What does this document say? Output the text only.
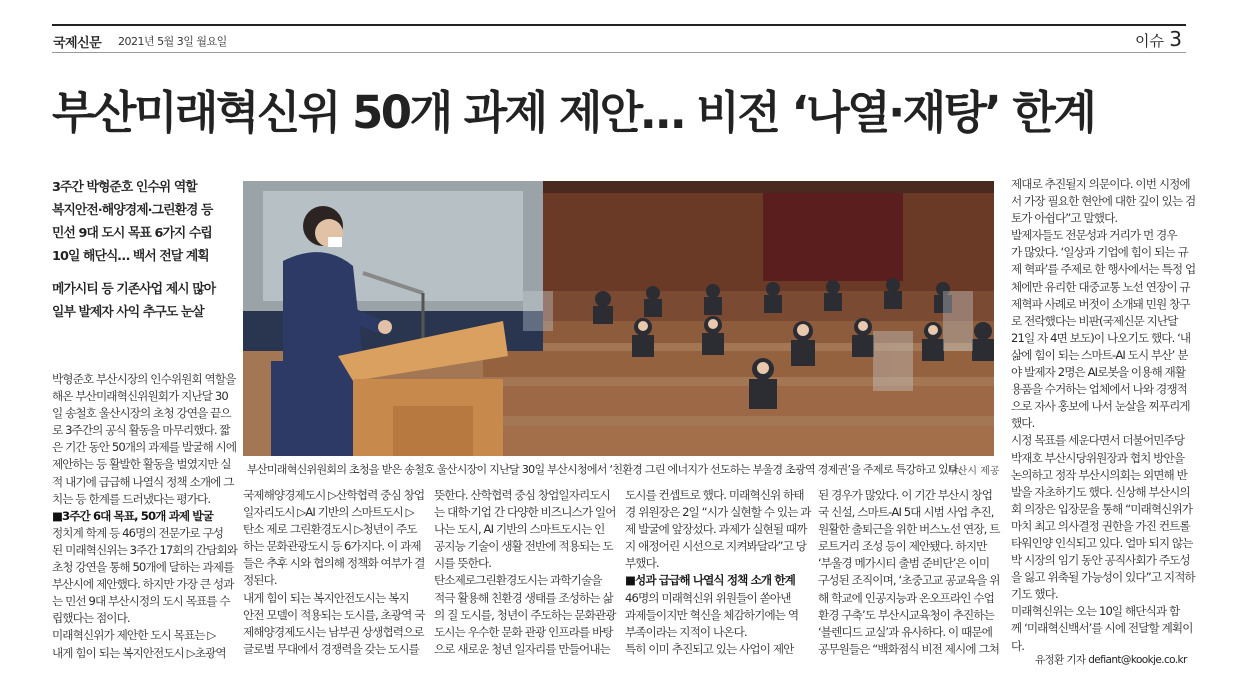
국제신문 2021년 5월 3일 월요일	이슈 3
부산미래혁신위 50개 과제 제안… 비전 ‘나열·재탕’ 한계
3주간 박형준호 인수위 역할
복지안전·해양경제·그린환경 등
민선 9대 도시 목표 6가지 수립
10일 해단식… 백서 전달 계획
메가시티 등 기존사업 제시 많아
일부 발제자 사익 추구도 눈살
부산미래혁신위원회의 초청을 받은 송철호 울산시장이 지난달 30일 부산시청에서 ‘친환경 그린 에너지가 선도하는 부울경 초광역 경제권’을 주제로 특강하고 있다.
부산시 제공

박형준호 부산시장의 인수위원회 역할을

해온 부산미래혁신위원회가 지난달 30

일 송철호 울산시장의 초청 강연을 끝으

로 3주간의 공식 활동을 마무리했다. 짧

은 기간 동안 50개의 과제를 발굴해 시에

제안하는 등 활발한 활동을 벌였지만 실

적 내기에 급급해 나열식 정책 소개에 그

치는 등 한계를 드러냈다는 평가다.

■3주간 6대 목표, 50개 과제 발굴

정치계 학계 등 46명의 전문가로 구성

된 미래혁신위는 3주간 17회의 간담회와

초청 강연을 통해 50개에 달하는 과제를

부산시에 제안했다. 하지만 가장 큰 성과

는 민선 9대 부산시정의 도시 목표를 수

립했다는 점이다.

미래혁신위가 제안한 도시 목표는 ▷

내게 힘이 되는 복지안전도시 ▷초광역

국제해양경제도시 ▷산학협력 중심 창업

일자리도시 ▷AI 기반의 스마트도시 ▷

탄소 제로 그린환경도시 ▷청년이 주도

하는 문화관광도시 등 6가지다. 이 과제

들은 추후 시와 협의해 정책화 여부가 결

정된다.

내게 힘이 되는 복지안전도시는 복지

안전 모델이 적용되는 도시를, 초광역 국

제해양경제도시는 남부권 상생협력으로

글로벌 무대에서 경쟁력을 갖는 도시를

뜻한다. 산학협력 중심 창업일자리도시

는 대학·기업 간 다양한 비즈니스가 일어

나는 도시, AI 기반의 스마트도시는 인

공지능 기술이 생활 전반에 적용되는 도

시를 뜻한다.

탄소제로그린환경도시는 과학기술을

적극 활용해 친환경 생태를 조성하는 삶

의 질 도시를, 청년이 주도하는 문화관광

도시는 우수한 문화 관광 인프라를 바탕

으로 새로운 청년 일자리를 만들어내는

도시를 컨셉트로 했다. 미래혁신위 하태

경 위원장은 2일 “시가 실현할 수 있는 과

제 발굴에 앞장섰다. 과제가 실현될 때까

지 애정어린 시선으로 지켜봐달라”고 당

부했다.

■성과 급급해 나열식 정책 소개 한계

46명의 미래혁신위 위원들이 쏟아낸

과제들이지만 혁신을 체감하기에는 역

부족이라는 지적이 나온다.

특히 이미 추진되고 있는 사업이 제안

된 경우가 많았다. 이 기간 부산시 창업

국 신설, 스마트-AI 5대 시범 사업 추진,

원활한 출퇴근을 위한 버스노선 연장, 트

로트거리 조성 등이 제안됐다. 하지만

‘부울경 메가시티 출범 준비단’은 이미

구성된 조직이며, ‘초중고교 공교육을 위

해 학교에 인공지능과 온오프라인 수업

환경 구축’도 부산시교육청이 추진하는

‘블렌디드 교실’과 유사하다. 이 때문에

공무원들은 “백화점식 비전 제시에 그쳐

제대로 추진될지 의문이다. 이번 시정에

서 가장 필요한 현안에 대한 깊이 있는 검

토가 아쉽다”고 말했다.

발제자들도 전문성과 거리가 먼 경우

가 많았다. ‘일상과 기업에 힘이 되는 규

제 혁파’를 주제로 한 행사에서는 특정 업

체에만 유리한 대중교통 노선 연장이 규

제혁파 사례로 버젓이 소개돼 민원 창구

로 전락했다는 비판(국제신문 지난달

21일 자 4면 보도)이 나오기도 했다. ‘내

삶에 힘이 되는 스마트-AI 도시 부산’ 분

야 발제자 2명은 AI로봇을 이용해 재활

용품을 수거하는 업체에서 나와 경쟁적

으로 자사 홍보에 나서 눈살을 찌푸리게

했다.

시정 목표를 세운다면서 더불어민주당

박재호 부산시당위원장과 협치 방안을

논의하고 정작 부산시의회는 외면해 반

발을 자초하기도 했다. 신상해 부산시의

회 의장은 입장문을 통해 “미래혁신위가

마치 최고 의사결정 권한을 가진 컨트롤

타워인양 인식되고 있다. 얼마 되지 않는

박 시장의 임기 동안 공직사회가 주도성

을 잃고 위축될 가능성이 있다”고 지적하

기도 했다.

미래혁신위는 오는 10일 해단식과 함

께 ‘미래혁신백서’를 시에 전달할 계획이

다.

유정환 기자 defiant@kookje.co.kr
